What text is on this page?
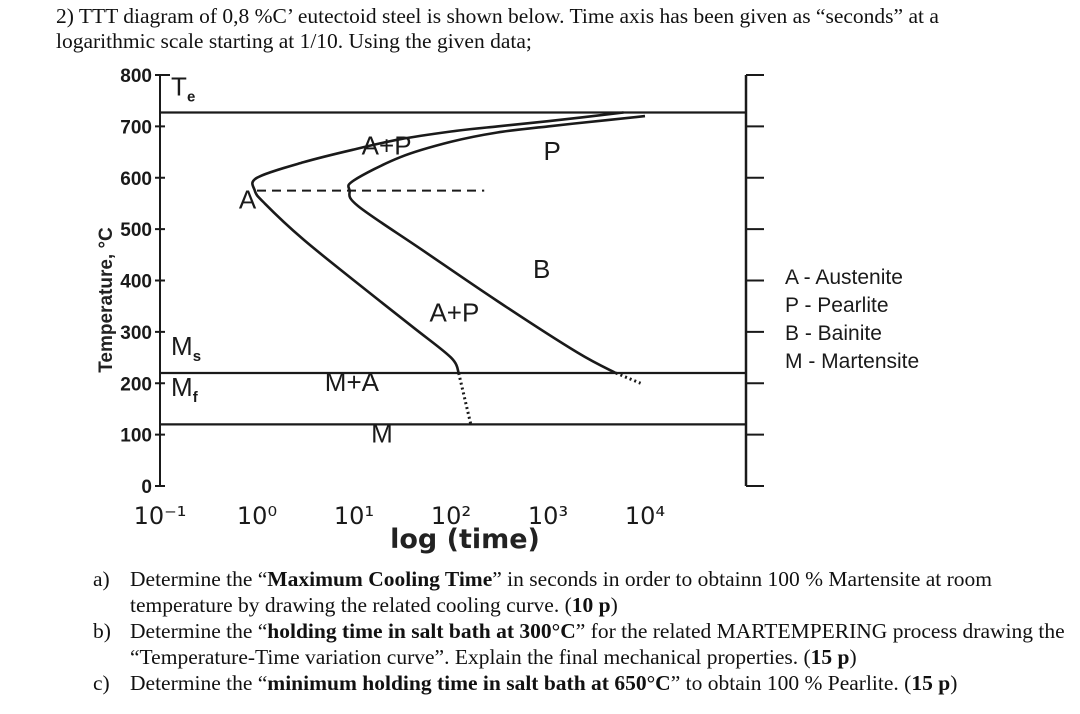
2) TTT diagram of 0,8 %C’ eutectoid steel is shown below. Time axis has been given as “seconds” at a
logarithmic scale starting at 1/10. Using the given data;
0
100
200
300
400
500
600
700
800
10⁻¹ 10⁰ 10¹ 10² 10³ 10⁴
$T_e$
A
A+P	P
B
A+P
$M_s$
$M_f$
M+A
M
A - Austenite
P - Pearlite
B - Bainite
M - Martensite
Temperature, °C
log (time)
a) Determine the “Maximum Cooling Time” in seconds in order to obtainn 100 % Martensite at room temperature by drawing the related cooling curve. (10 p)
b) Determine the “holding time in salt bath at 300°C” for the related MARTEMPERING process drawing the “Temperature-Time variation curve”. Explain the final mechanical properties. (15 p)
c) Determine the “minimum holding time in salt bath at 650°C” to obtain 100 % Pearlite. (15 p)
